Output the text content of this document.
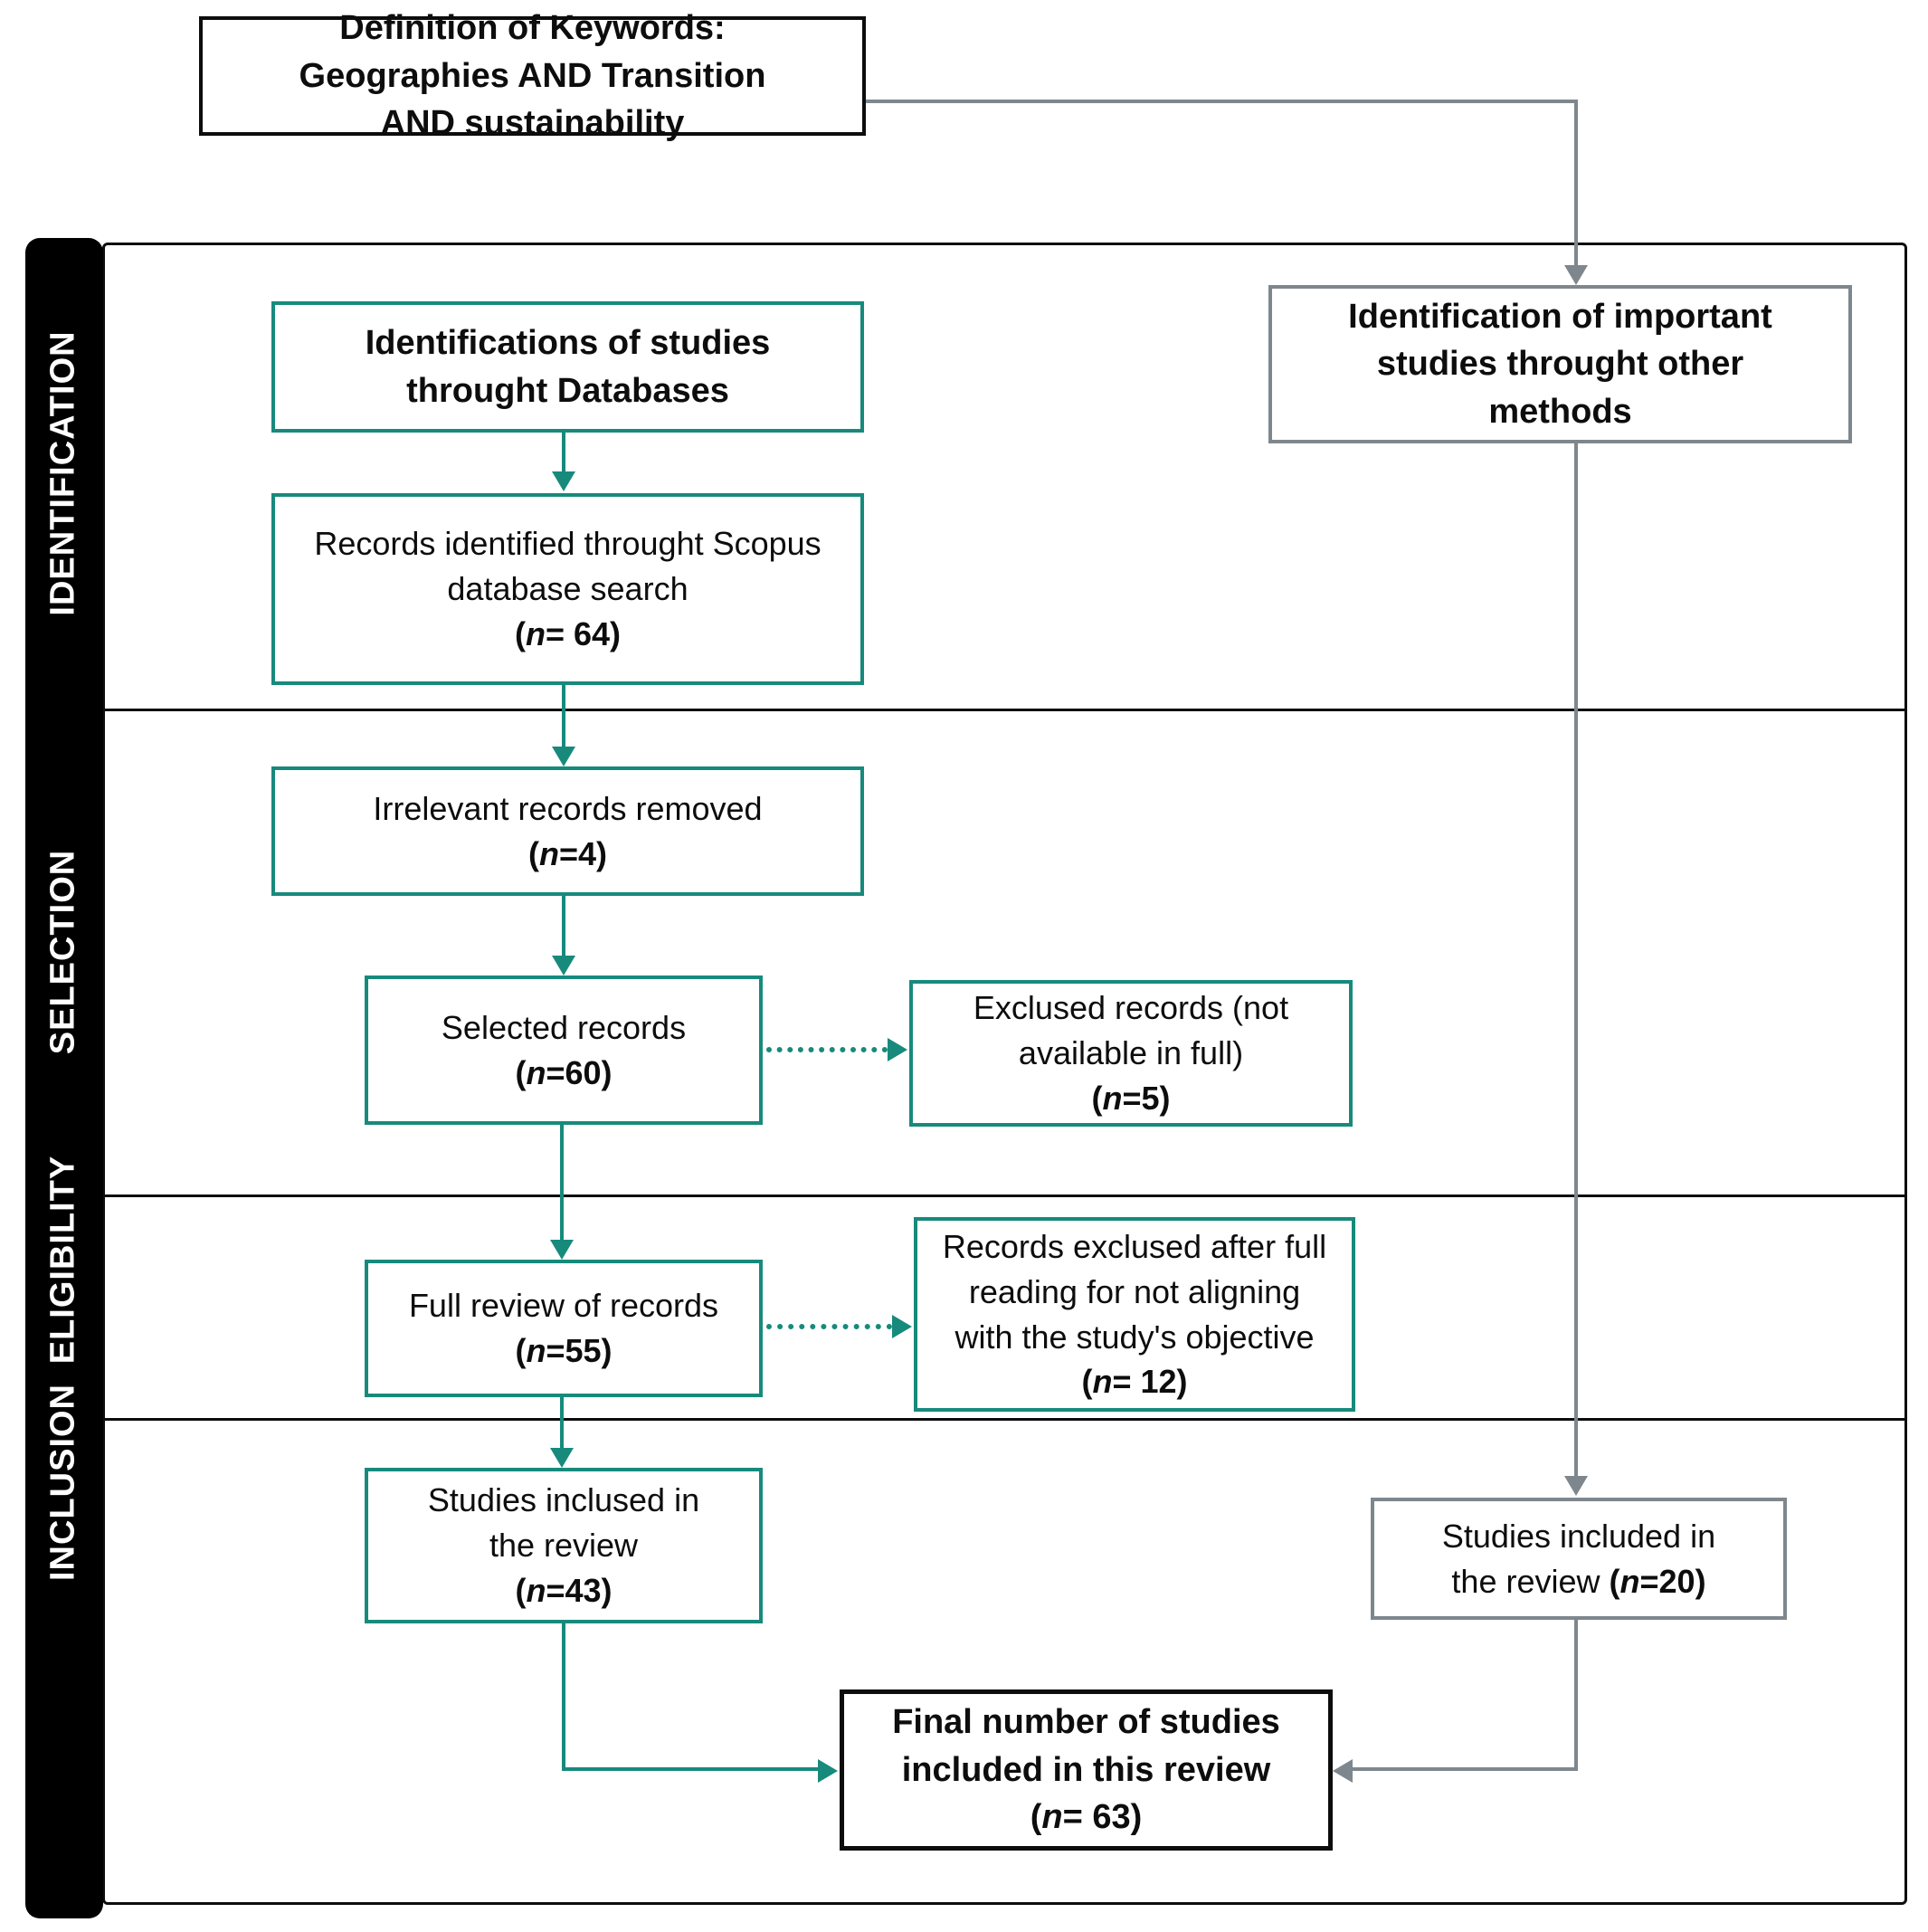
IDENTIFICATION
SELECTION
ELIGIBILITY
INCLUSION
Definition of Keywords:
Geographies AND Transition
AND sustainability
Identifications of studies
throught Databases
Identification of important
studies throught other
methods
Records identified throught Scopus
database search
(n= 64)
Irrelevant records removed
(n=4)
Selected records
(n=60)
Exclused records (not
available in full)
(n=5)
Full review of records
(n=55)
Records exclused after full
reading for not aligning
with the study's objective
(n= 12)
Studies inclused in
the review
(n=43)
Studies included in
the review (n=20)
Final number of studies
included in this review
(n= 63)
